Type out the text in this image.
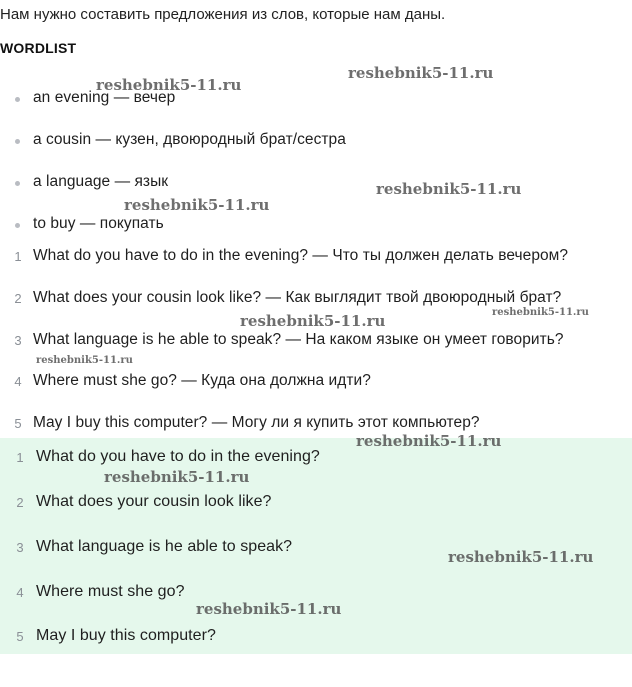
Нам нужно составить предложения из слов, которые нам даны.
WORDLIST
an evening — вечер
a cousin — кузен, двоюродный брат/сестра
a language — язык
to buy — покупать
1 What do you have to do in the evening? — Что ты должен делать вечером?
2 What does your cousin look like? — Как выглядит твой двоюродный брат?
3 What language is he able to speak? — На каком языке он умеет говорить?
4 Where must she go? — Куда она должна идти?
5 May I buy this computer? — Могу ли я купить этот компьютер?
1 What do you have to do in the evening?
2 What does your cousin look like?
3 What language is he able to speak?
4 Where must she go?
5 May I buy this computer?
reshebnik5-11.ru
reshebnik5-11.ru
reshebnik5-11.ru
reshebnik5-11.ru
reshebnik5-11.ru	reshebnik5-11.ru
reshebnik5-11.ru
reshebnik5-11.ru
reshebnik5-11.ru
reshebnik5-11.ru
reshebnik5-11.ru
